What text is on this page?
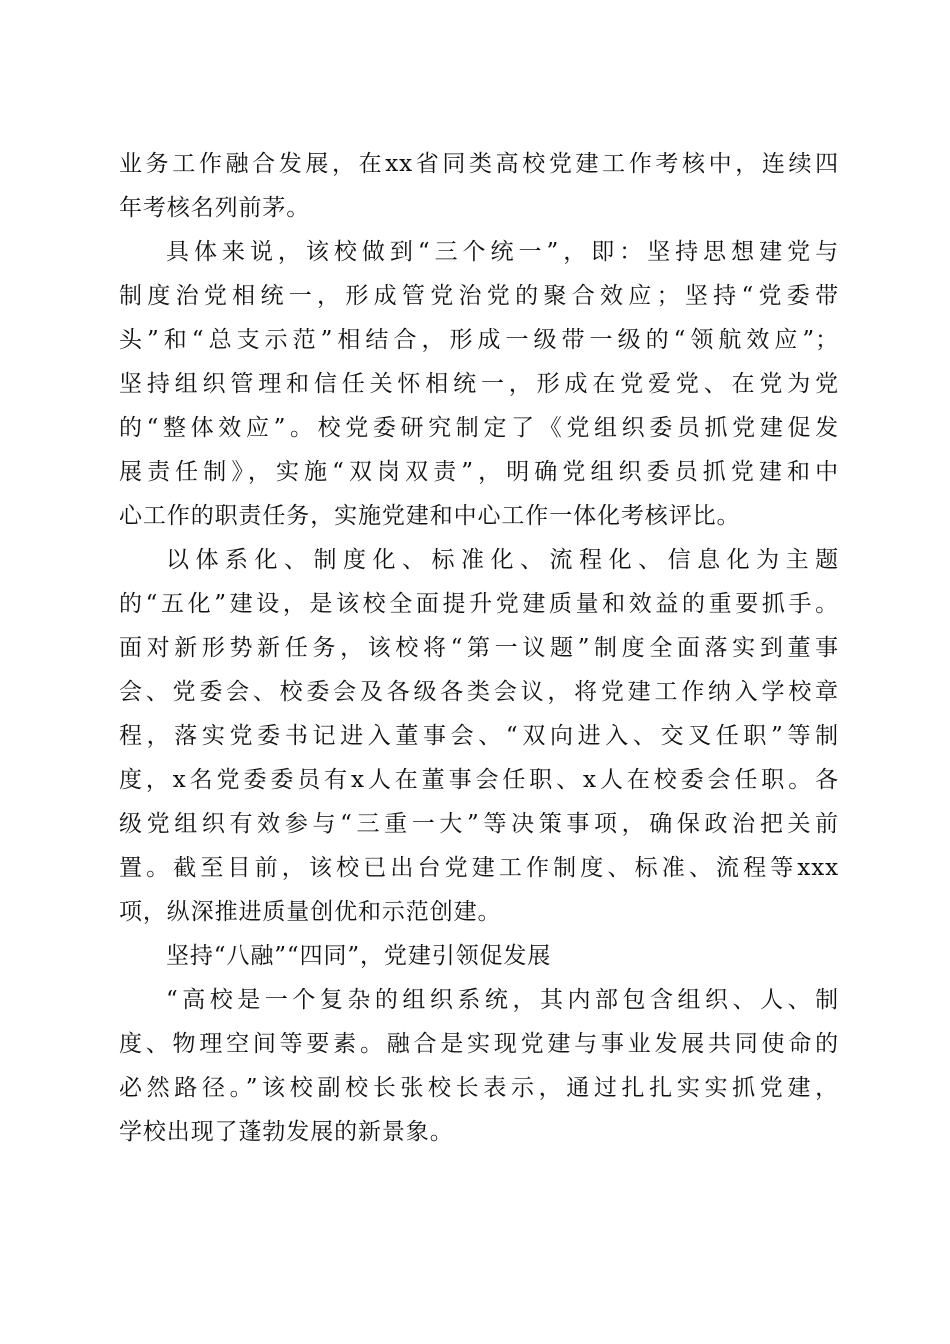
业务工作融合发展，在xx省同类高校党建工作考核中，连续四
年考核名列前茅。
具体来说，该校做到“三个统一”，即：坚持思想建党与
制度治党相统一，形成管党治党的聚合效应；坚持“党委带
头”和“总支示范”相结合，形成一级带一级的“领航效应”；
坚持组织管理和信任关怀相统一，形成在党爱党、在党为党
的“整体效应”。校党委研究制定了《党组织委员抓党建促发
展责任制》，实施“双岗双责”，明确党组织委员抓党建和中
心工作的职责任务，实施党建和中心工作一体化考核评比。
以体系化、制度化、标准化、流程化、信息化为主题
的“五化”建设，是该校全面提升党建质量和效益的重要抓手。
面对新形势新任务，该校将“第一议题”制度全面落实到董事
会、党委会、校委会及各级各类会议，将党建工作纳入学校章
程，落实党委书记进入董事会、“双向进入、交叉任职”等制
度，x名党委委员有x人在董事会任职、x人在校委会任职。各
级党组织有效参与“三重一大”等决策事项，确保政治把关前
置。截至目前，该校已出台党建工作制度、标准、流程等xxx
项，纵深推进质量创优和示范创建。
坚持“八融”“四同”，党建引领促发展
“高校是一个复杂的组织系统，其内部包含组织、人、制
度、物理空间等要素。融合是实现党建与事业发展共同使命的
必然路径。”该校副校长张校长表示，通过扎扎实实抓党建，
学校出现了蓬勃发展的新景象。
